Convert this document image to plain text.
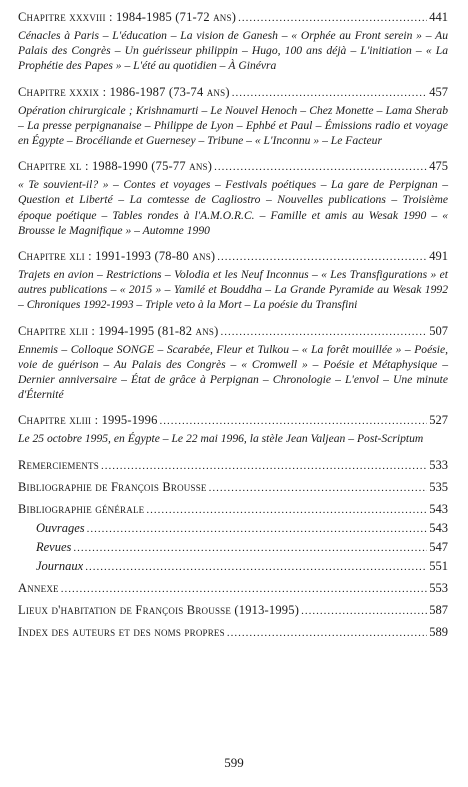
Chapitre xxxviii : 1984-1985 (71-72 ans) .....	441

Cénacles à Paris – L'éducation – La vision de Ganesh – « Orphée au Front serein » – Au Palais des Congrès – Un guérisseur philippin – Hugo, 100 ans déjà – L'initiation – « La Prophétie des Papes » – L'été au quotidien – À Ginévra

Chapitre xxxix : 1986-1987 (73-74 ans) .....	457

Opération chirurgicale ; Krishnamurti – Le Nouvel Henoch – Chez Monette – Lama Sherab – La presse perpignanaise – Philippe de Lyon – Ephbé et Paul – Émissions radio et voyage en Égypte – Brocéliande et Guernesey – Tribune – « L'Inconnu » – Le Facteur

Chapitre xl : 1988-1990 (75-77 ans) .....	475

« Te souvient-il? » – Contes et voyages – Festivals poétiques – La gare de Perpignan – Question et Liberté – La comtesse de Cagliostro – Nouvelles publications – Troisième époque poétique – Tables rondes à l'A.M.O.R.C. – Famille et amis au Wesak 1990 – « Brousse le Magnifique » – Automne 1990

Chapitre xli : 1991-1993 (78-80 ans) .....	491

Trajets en avion – Restrictions – Volodia et les Neuf Inconnus – « Les Transfigurations » et autres publications – « 2015 » – Yamilé et Bouddha – La Grande Pyramide au Wesak 1992 – Chroniques 1992-1993 – Triple veto à la Mort – La poésie du Transfini

Chapitre xlii : 1994-1995 (81-82 ans) .....	507

Ennemis – Colloque SONGE – Scarabée, Fleur et Tulkou – « La forêt mouillée » – Poésie, voie de guérison – Au Palais des Congrès – « Cromwell » – Poésie et Métaphysique – Dernier anniversaire – État de grâce à Perpignan – Chronologie – L'envol – Une minute d'Éternité

Chapitre xliii : 1995-1996 .....	527

Le 25 octobre 1995, en Égypte – Le 22 mai 1996, la stèle Jean Valjean – Post-Scriptum

Remerciements .....	533
Bibliographie de François Brousse .....	535
Bibliographie générale .....	543
Ouvrages .....	543
Revues .....	547
Journaux .....	551
Annexe .....	553
Lieux d'habitation de François Brousse (1913-1995) .....	587
Index des auteurs et des noms propres .....	589
599
